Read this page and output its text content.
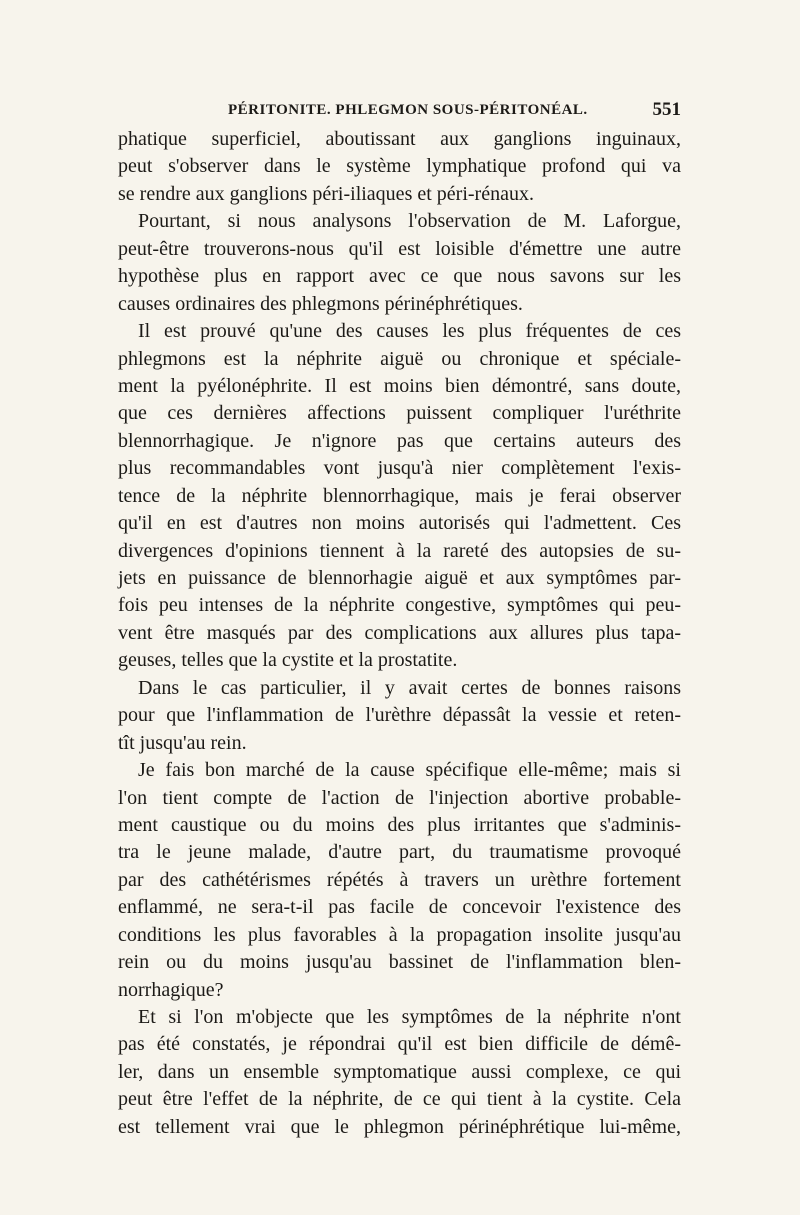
PÉRITONITE. PHLEGMON SOUS-PÉRITONÉAL.	551
phatique superficiel, aboutissant aux ganglions inguinaux,
peut s'observer dans le système lymphatique profond qui va
se rendre aux ganglions péri-iliaques et péri-rénaux.
Pourtant, si nous analysons l'observation de M. Laforgue,
peut-être trouverons-nous qu'il est loisible d'émettre une autre
hypothèse plus en rapport avec ce que nous savons sur les
causes ordinaires des phlegmons périnéphrétiques.
Il est prouvé qu'une des causes les plus fréquentes de ces
phlegmons est la néphrite aiguë ou chronique et spéciale-
ment la pyélonéphrite. Il est moins bien démontré, sans doute,
que ces dernières affections puissent compliquer l'uréthrite
blennorrhagique. Je n'ignore pas que certains auteurs des
plus recommandables vont jusqu'à nier complètement l'exis-
tence de la néphrite blennorrhagique, mais je ferai observer
qu'il en est d'autres non moins autorisés qui l'admettent. Ces
divergences d'opinions tiennent à la rareté des autopsies de su-
jets en puissance de blennorhagie aiguë et aux symptômes par-
fois peu intenses de la néphrite congestive, symptômes qui peu-
vent être masqués par des complications aux allures plus tapa-
geuses, telles que la cystite et la prostatite.
Dans le cas particulier, il y avait certes de bonnes raisons
pour que l'inflammation de l'urèthre dépassât la vessie et reten-
tît jusqu'au rein.
Je fais bon marché de la cause spécifique elle-même; mais si
l'on tient compte de l'action de l'injection abortive probable-
ment caustique ou du moins des plus irritantes que s'adminis-
tra le jeune malade, d'autre part, du traumatisme provoqué
par des cathétérismes répétés à travers un urèthre fortement
enflammé, ne sera-t-il pas facile de concevoir l'existence des
conditions les plus favorables à la propagation insolite jusqu'au
rein ou du moins jusqu'au bassinet de l'inflammation blen-
norrhagique?
Et si l'on m'objecte que les symptômes de la néphrite n'ont
pas été constatés, je répondrai qu'il est bien difficile de démê-
ler, dans un ensemble symptomatique aussi complexe, ce qui
peut être l'effet de la néphrite, de ce qui tient à la cystite. Cela
est tellement vrai que le phlegmon périnéphrétique lui-même,
